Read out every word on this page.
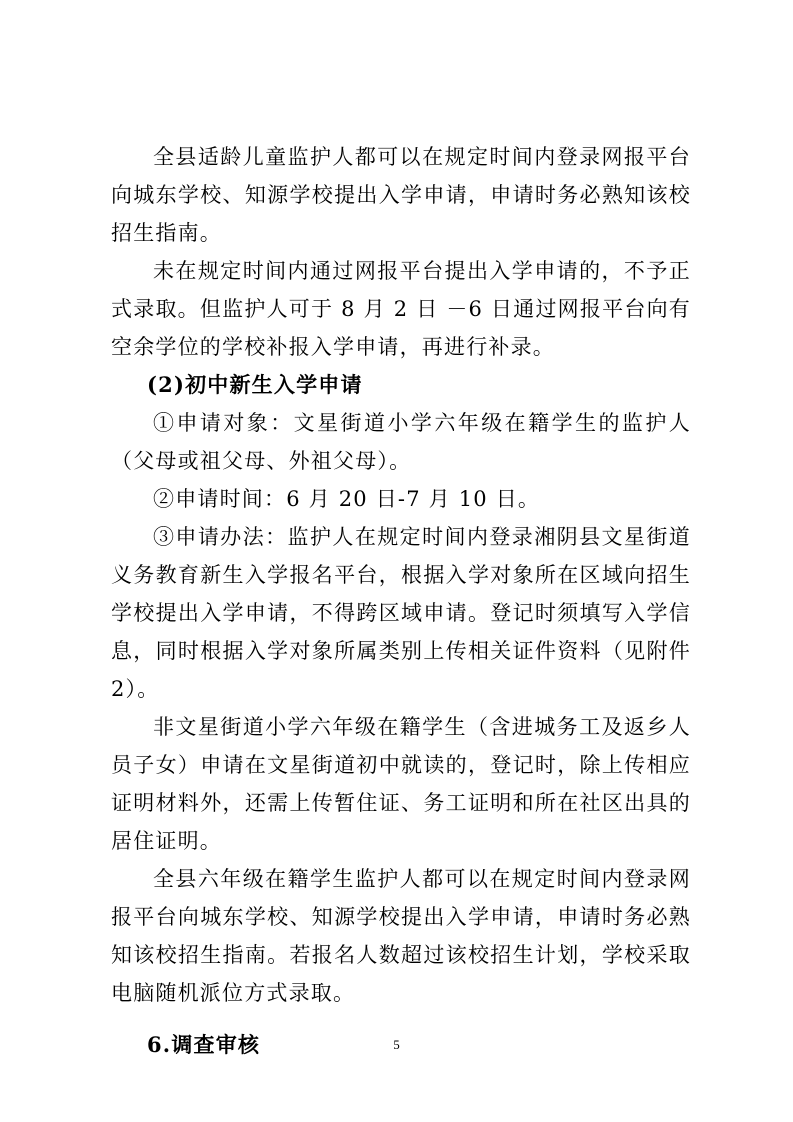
全县适龄儿童监护人都可以在规定时间内登录网报平台向城东学校、知源学校提出入学申请，申请时务必熟知该校招生指南。

未在规定时间内通过网报平台提出入学申请的，不予正式录取。但监护人可于 8 月 2 日 －6 日通过网报平台向有空余学位的学校补报入学申请，再进行补录。

(2)初中新生入学申请

①申请对象：文星街道小学六年级在籍学生的监护人（父母或祖父母、外祖父母）。

②申请时间：6 月 20 日-7 月 10 日。

③申请办法：监护人在规定时间内登录湘阴县文星街道义务教育新生入学报名平台，根据入学对象所在区域向招生学校提出入学申请，不得跨区域申请。登记时须填写入学信息，同时根据入学对象所属类别上传相关证件资料（见附件 2）。

非文星街道小学六年级在籍学生（含进城务工及返乡人员子女）申请在文星街道初中就读的，登记时，除上传相应证明材料外，还需上传暂住证、务工证明和所在社区出具的居住证明。

全县六年级在籍学生监护人都可以在规定时间内登录网报平台向城东学校、知源学校提出入学申请，申请时务必熟知该校招生指南。若报名人数超过该校招生计划，学校采取电脑随机派位方式录取。

6.调查审核	5
